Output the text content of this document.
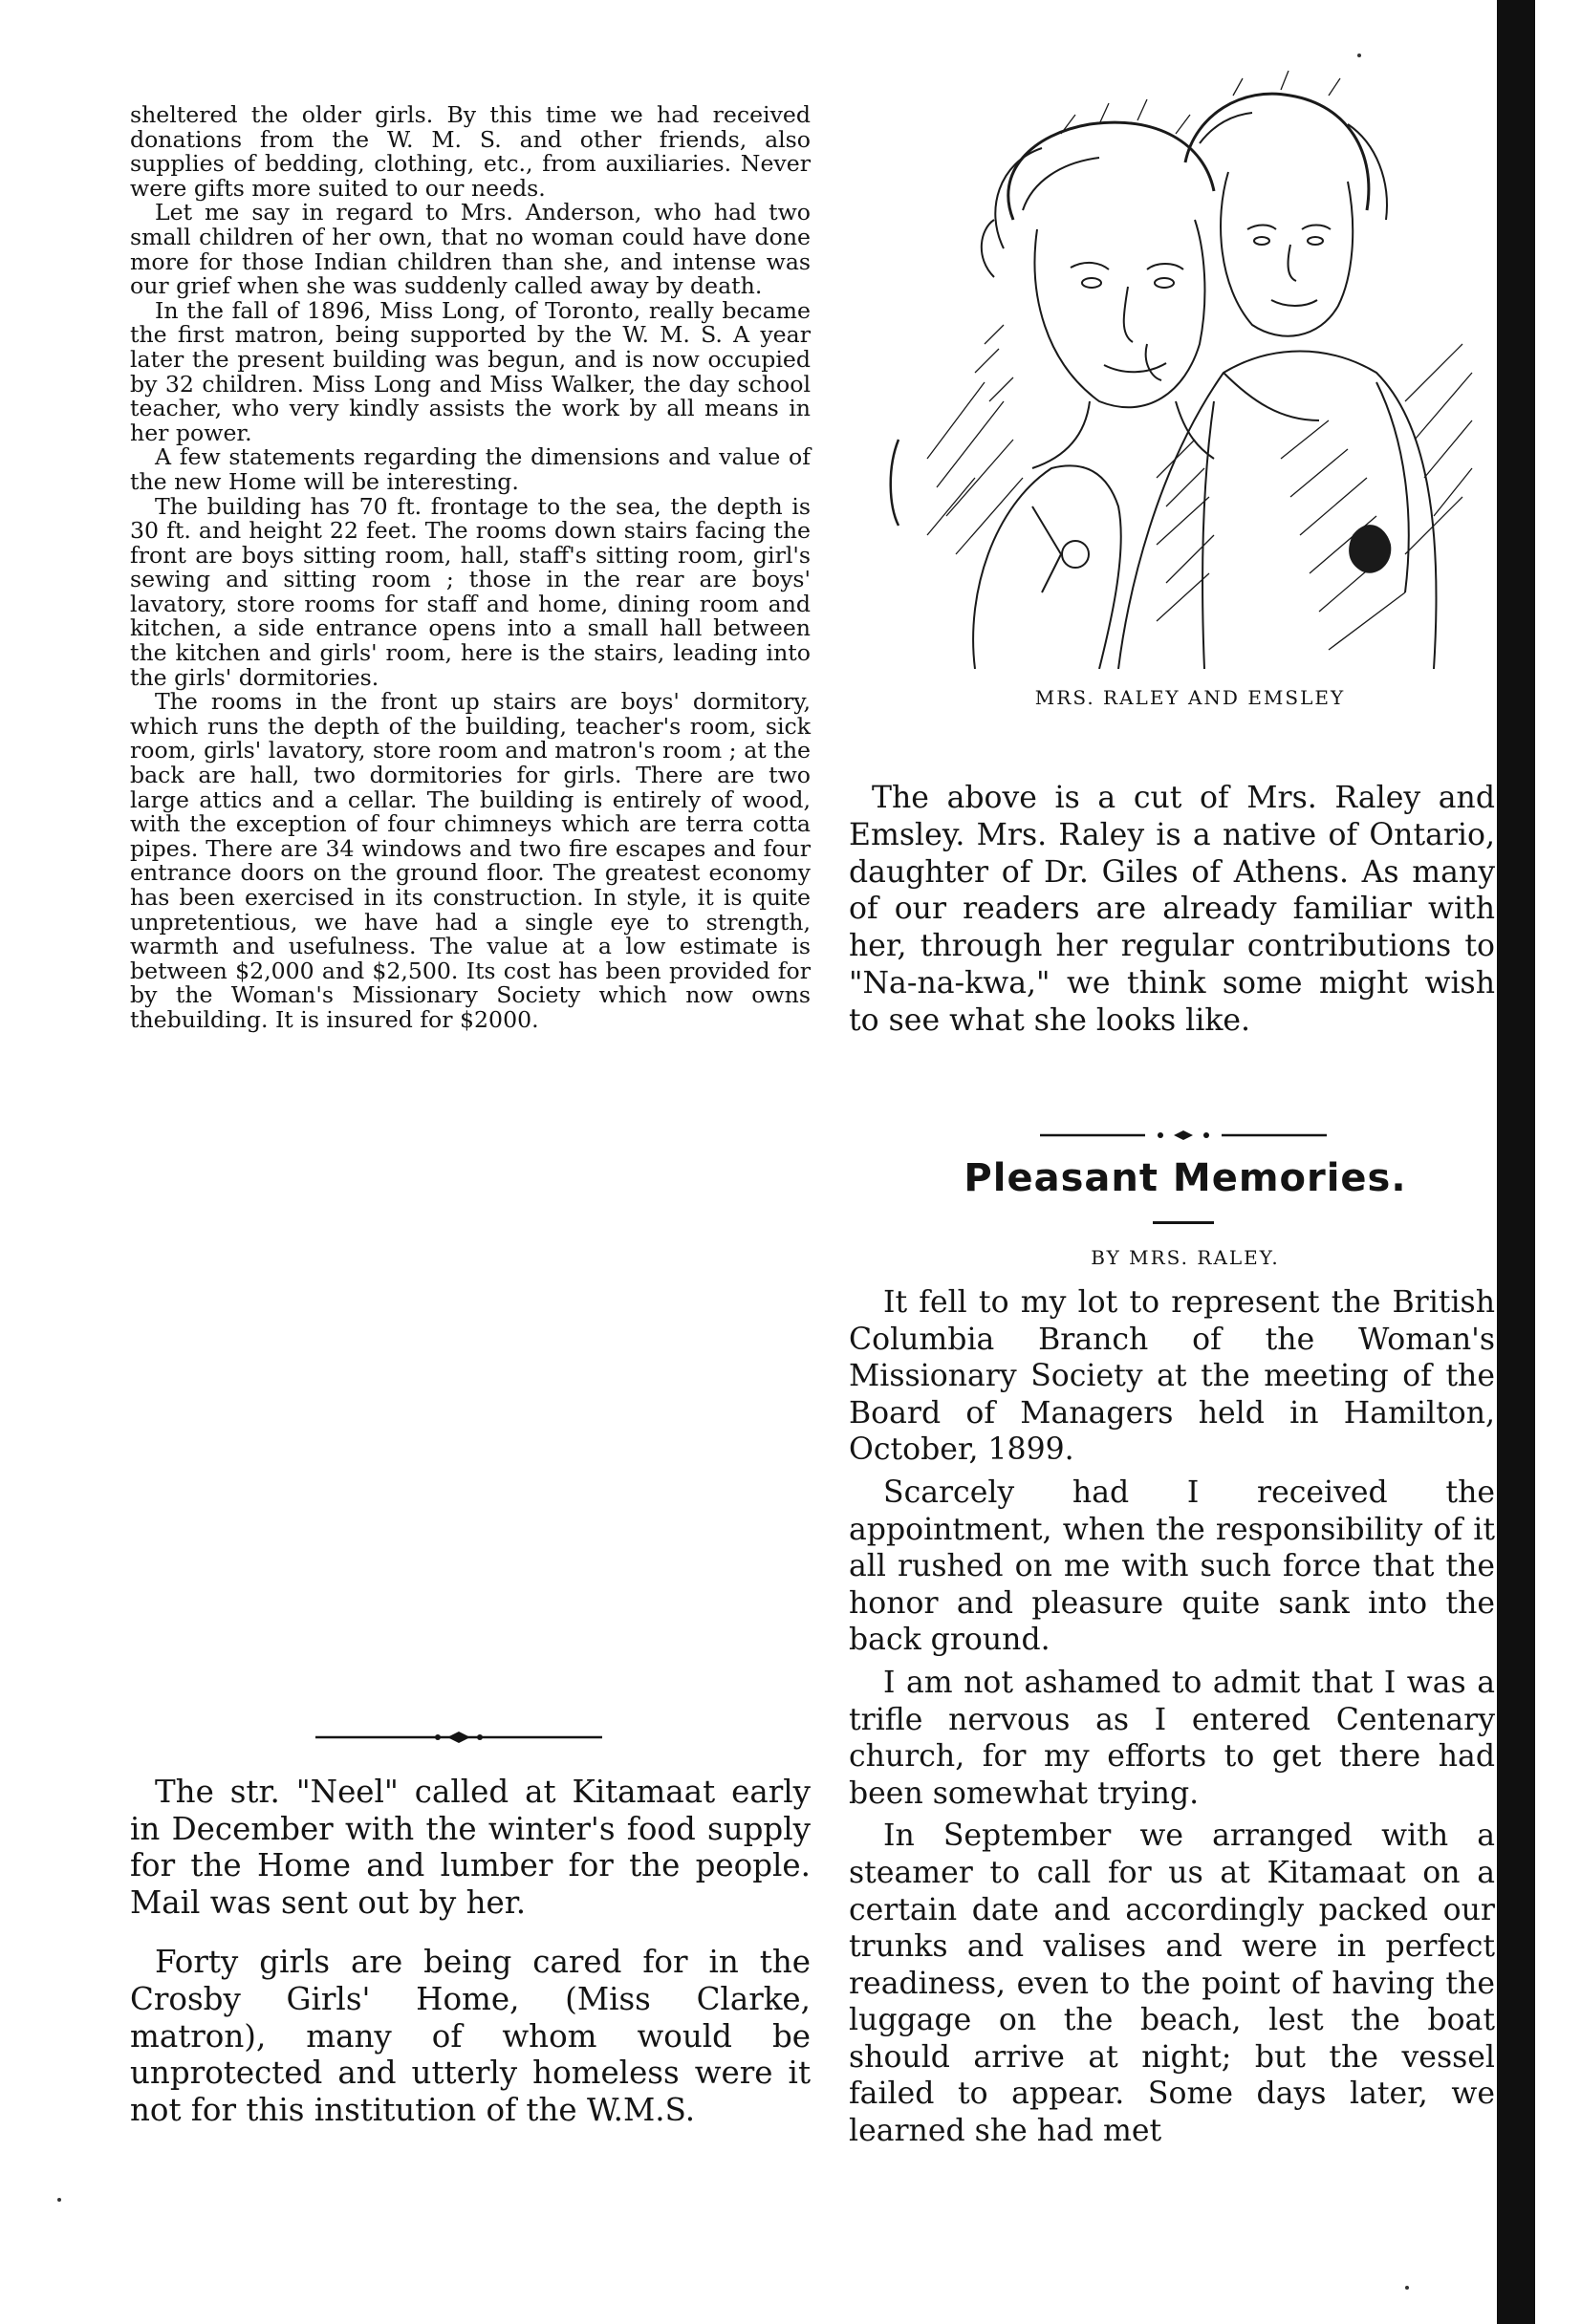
sheltered the older girls. By this time we had received donations from the W. M. S. and other friends, also supplies of bedding, clothing, etc., from auxiliaries. Never were gifts more suited to our needs.

Let me say in regard to Mrs. Anderson, who had two small children of her own, that no woman could have done more for those Indian children than she, and intense was our grief when she was suddenly called away by death.

In the fall of 1896, Miss Long, of Toronto, really became the first matron, being supported by the W. M. S. A year later the present building was begun, and is now occupied by 32 children. Miss Long and Miss Walker, the day school teacher, who very kindly assists the work by all means in her power.

A few statements regarding the dimensions and value of the new Home will be interesting.

The building has 70 ft. frontage to the sea, the depth is 30 ft. and height 22 feet. The rooms down stairs facing the front are boys sitting room, hall, staff's sitting room, girl's sewing and sitting room ; those in the rear are boys' lavatory, store rooms for staff and home, dining room and kitchen, a side entrance opens into a small hall between the kitchen and girls' room, here is the stairs, leading into the girls' dormitories.

The rooms in the front up stairs are boys' dormitory, which runs the depth of the building, teacher's room, sick room, girls' lavatory, store room and matron's room ; at the back are hall, two dormitories for girls. There are two large attics and a cellar. The building is entirely of wood, with the exception of four chimneys which are terra cotta pipes. There are 34 windows and two fire escapes and four entrance doors on the ground floor. The greatest economy has been exercised in its construction. In style, it is quite unpretentious, we have had a single eye to strength, warmth and usefulness. The value at a low estimate is between $2,000 and $2,500. Its cost has been provided for by the Woman's Missionary Society which now owns thebuilding. It is insured for $2000.

The str. "Neel" called at Kitamaat early in December with the winter's food supply for the Home and lumber for the people. Mail was sent out by her.

Forty girls are being cared for in the Crosby Girls' Home, (Miss Clarke, matron), many of whom would be unprotected and utterly homeless were it not for this institution of the W.M.S.

MRS. RALEY AND EMSLEY

The above is a cut of Mrs. Raley and Emsley. Mrs. Raley is a native of Ontario, daughter of Dr. Giles of Athens. As many of our readers are already familiar with her, through her regular contributions to "Na-na-kwa," we think some might wish to see what she looks like.

Pleasant Memories.
BY MRS. RALEY.

It fell to my lot to represent the British Columbia Branch of the Woman's Missionary Society at the meeting of the Board of Managers held in Hamilton, October, 1899.

Scarcely had I received the appointment, when the responsibility of it all rushed on me with such force that the honor and pleasure quite sank into the back ground.

I am not ashamed to admit that I was a trifle nervous as I entered Centenary church, for my efforts to get there had been somewhat trying.

In September we arranged with a steamer to call for us at Kitamaat on a certain date and accordingly packed our trunks and valises and were in perfect readiness, even to the point of having the luggage on the beach, lest the boat should arrive at night; but the vessel failed to appear. Some days later, we learned she had met
